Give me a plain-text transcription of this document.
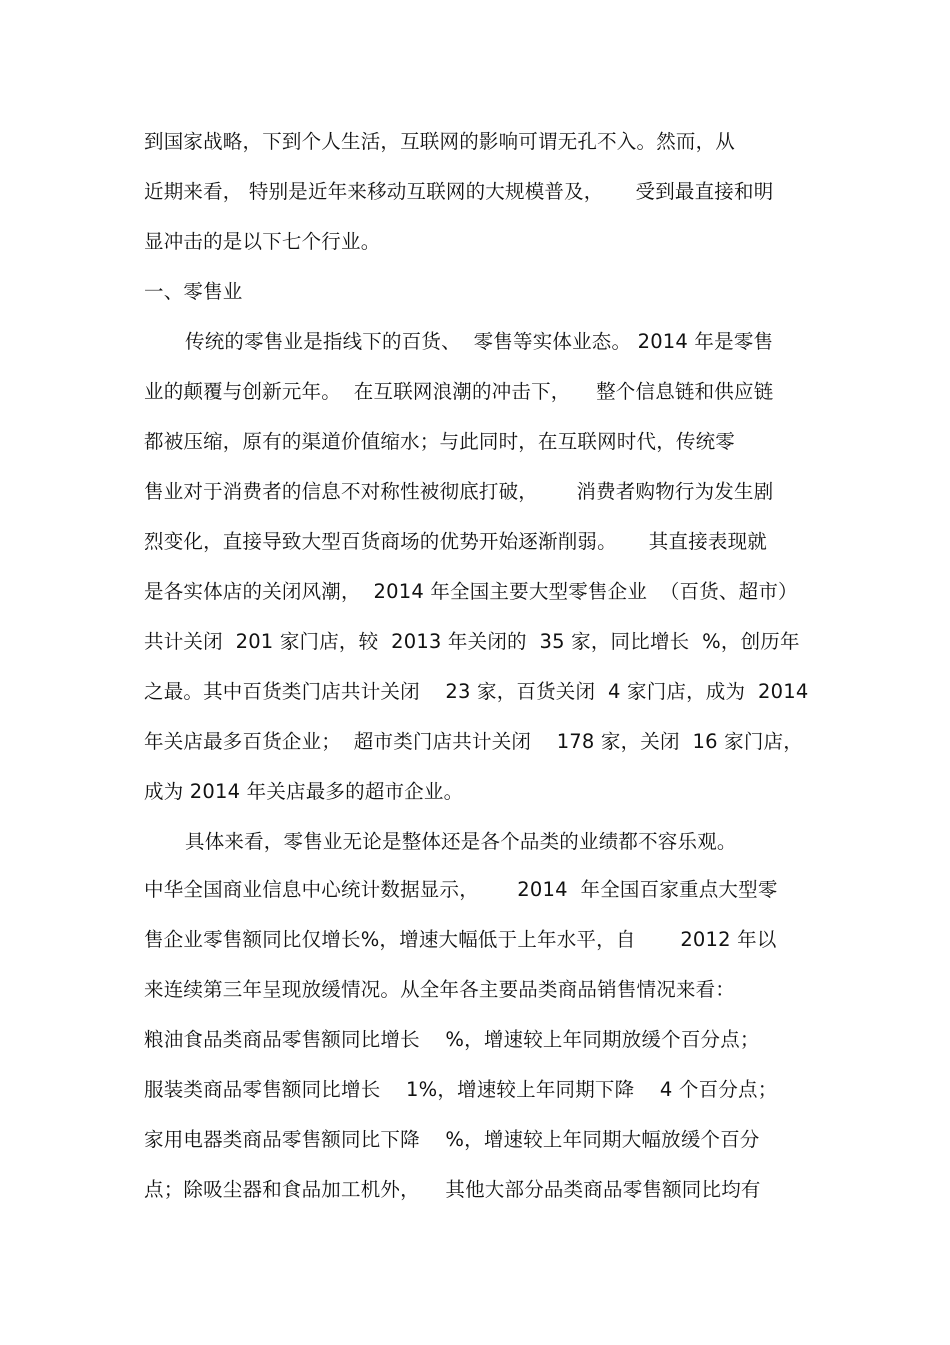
到国家战略，下到个人生活，互联网的影响可谓无孔不入。然而，从
近期来看， 特别是近年来移动互联网的大规模普及，     受到最直接和明
显冲击的是以下七个行业。
一、零售业
传统的零售业是指线下的百货、  零售等实体业态。 2014 年是零售
业的颠覆与创新元年。  在互联网浪潮的冲击下，    整个信息链和供应链
都被压缩，原有的渠道价值缩水；与此同时，在互联网时代，传统零
售业对于消费者的信息不对称性被彻底打破，      消费者购物行为发生剧
烈变化，直接导致大型百货商场的优势开始逐渐削弱。     其直接表现就
是各实体店的关闭风潮，  2014 年全国主要大型零售企业  （百货、超市）
共计关闭  201 家门店，较  2013 年关闭的  35 家，同比增长  %，创历年
之最。其中百货类门店共计关闭    23 家，百货关闭  4 家门店，成为  2014
年关店最多百货企业；  超市类门店共计关闭    178 家，关闭  16 家门店，
成为 2014 年关店最多的超市企业。
具体来看，零售业无论是整体还是各个品类的业绩都不容乐观。
中华全国商业信息中心统计数据显示，      2014  年全国百家重点大型零
售企业零售额同比仅增长%，增速大幅低于上年水平，自       2012 年以
来连续第三年呈现放缓情况。从全年各主要品类商品销售情况来看：
粮油食品类商品零售额同比增长    %，增速较上年同期放缓个百分点；
服装类商品零售额同比增长    1%，增速较上年同期下降    4 个百分点；
家用电器类商品零售额同比下降    %，增速较上年同期大幅放缓个百分
点；除吸尘器和食品加工机外，    其他大部分品类商品零售额同比均有
